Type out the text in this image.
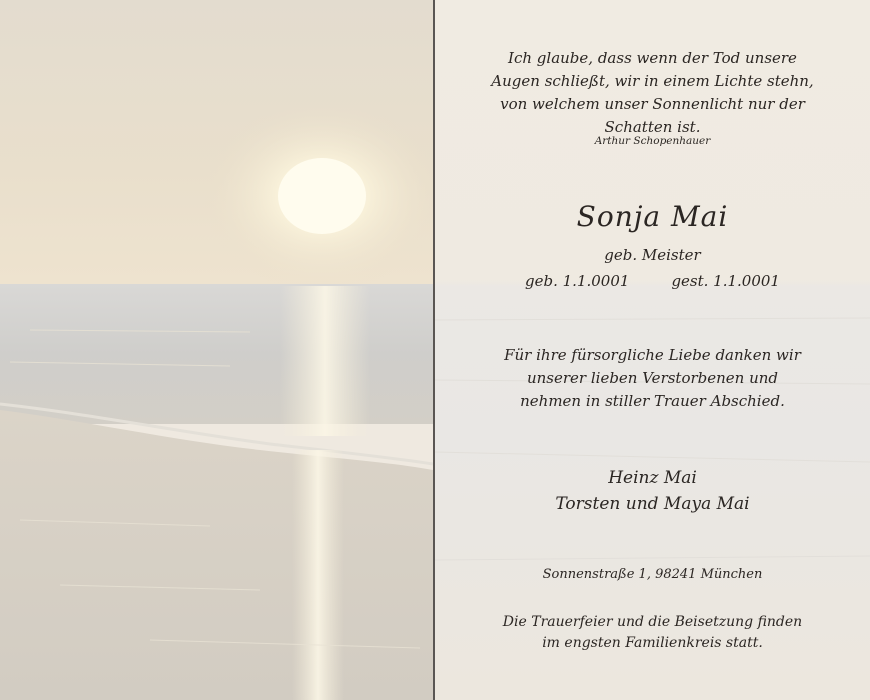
Ich glaube, dass wenn der Tod unsere
Augen schließt, wir in einem Lichte stehn,
von welchem unser Sonnenlicht nur der
Schatten ist.
Arthur Schopenhauer
Sonja Mai
geb. Meister
geb. 1.1.0001	gest. 1.1.0001
Für ihre fürsorgliche Liebe danken wir
unserer lieben Verstorbenen und
nehmen in stiller Trauer Abschied.
Heinz Mai
Torsten und Maya Mai
Sonnenstraße 1, 98241 München
Die Trauerfeier und die Beisetzung finden
im engsten Familienkreis statt.
